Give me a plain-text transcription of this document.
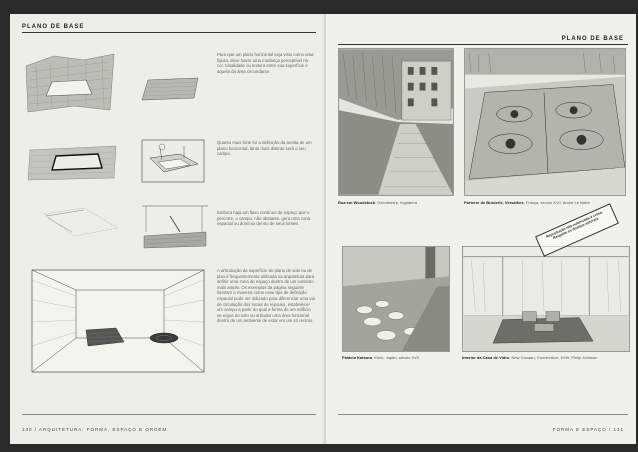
PLANO DE BASE
Para que um plano horizontal seja visto como uma figura, deve haver uma mudança perceptível na cor, tonalidade ou textura entre sua superfície e aquela da área circundante.
Quanto mais forte for a definição da aresta de um plano horizontal, tanto mais distinto será o seu campo.
Embora haja um fluxo contínuo de espaço que o percorre, o campo, não obstante, gera uma zona espacial ou domínio dentro de seus limites.
A articulação da superfície do plano de solo ou de piso é frequentemente utilizada na arquitetura para definir uma zona de espaço dentro de um contexto mais amplo. Os exemplos da página seguinte ilustram a maneira como esse tipo de definição espacial pode ser utilizado para diferenciar uma via de circulação dos locais de repouso, estabelecer um campo a partir do qual a forma de um edifício se ergue do solo ou articular uma área funcional dentro de um ambiente de estar em um só recinto.
130 / ARQUITETURA: FORMA, ESPAÇO E ORDEM
PLANO DE BASE
Rua em Woodstock, Oxfordshire, Inglaterra	Parterre de Broderie, Versalhes, França, século XVII, André Le Nôtre
Palácio Katsura, Kioto, Japão, século XVII	Interior da Casa de Vidro, New Canaan, Connecticut, 1949, Philip Johnson
Reprodução não autorizada é crime. Respeite os direitos autorais.
FORMA E ESPAÇO / 131
